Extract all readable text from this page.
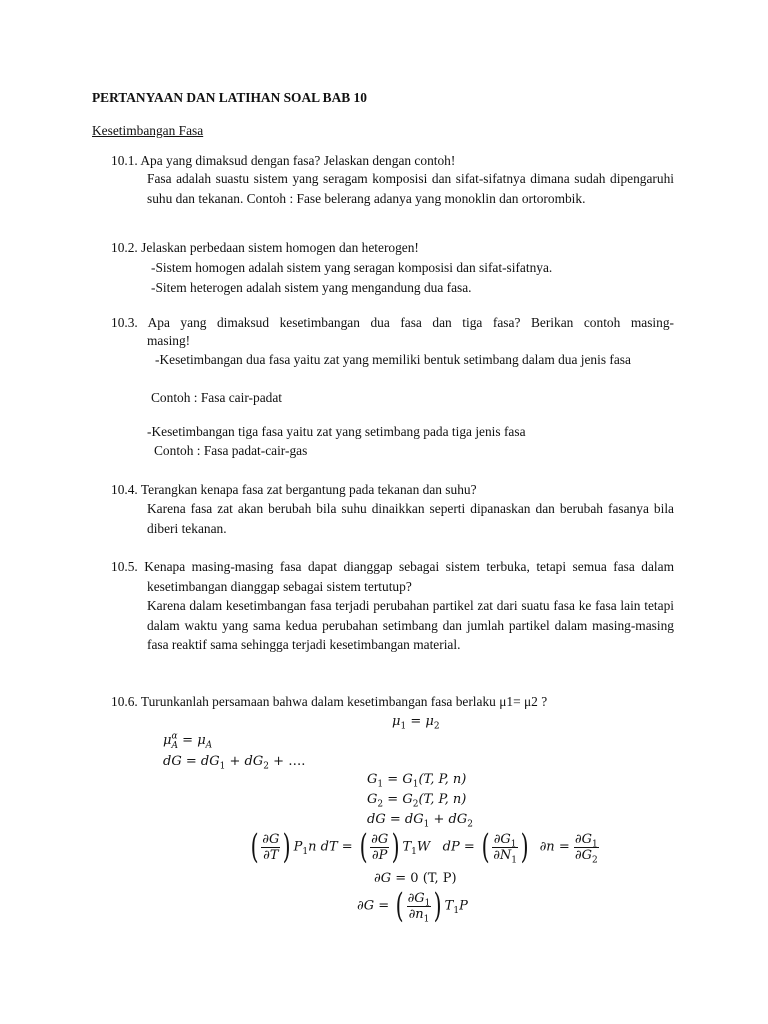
PERTANYAAN DAN LATIHAN SOAL BAB 10
Kesetimbangan Fasa
10.1. Apa yang dimaksud dengan fasa? Jelaskan dengan contoh!
Fasa adalah suastu sistem yang seragam komposisi dan sifat-sifatnya dimana sudah dipengaruhi suhu dan tekanan. Contoh : Fase belerang adanya yang monoklin dan ortorombik.
10.2. Jelaskan perbedaan sistem homogen dan heterogen!
-Sistem homogen adalah sistem yang seragan komposisi dan sifat-sifatnya.
-Sitem heterogen adalah sistem yang mengandung dua fasa.
10.3. Apa yang dimaksud kesetimbangan dua fasa dan tiga fasa? Berikan contoh masing-
masing!
-Kesetimbangan dua fasa yaitu zat yang memiliki bentuk setimbang dalam dua jenis fasa
Contoh : Fasa cair-padat
-Kesetimbangan tiga fasa yaitu zat yang setimbang pada tiga jenis fasa
Contoh : Fasa padat-cair-gas
10.4. Terangkan kenapa fasa zat bergantung pada tekanan dan suhu?
Karena fasa zat akan berubah bila suhu dinaikkan seperti dipanaskan dan berubah fasanya bila diberi tekanan.
10.5. Kenapa masing-masing fasa dapat dianggap sebagai sistem terbuka, tetapi semua fasa dalam kesetimbangan dianggap sebagai sistem tertutup?
Karena dalam kesetimbangan fasa terjadi perubahan partikel zat dari suatu fasa ke fasa lain tetapi dalam waktu yang sama kedua perubahan setimbang dan jumlah partikel dalam masing-masing fasa reaktif sama sehingga terjadi kesetimbangan material.
10.6. Turunkanlah persamaan bahwa dalam kesetimbangan fasa berlaku μ1= μ2 ?
$\mu_1 = \mu_2$
$\mu^\alpha_A = \mu_A$
dG = $dG_1 + dG_2$ + ….
$G_1 = G_1(T$, P, n)
$G_2 = G_2(T$, P, n)
dG = $dG_1 + dG_2$
( $\frac{\partial G}{\partial T}$ ) $P_1n$ dT = ( $\frac{\partial G}{\partial P}$ ) $T_1W$ dP = ( $\frac{\partial G_1}{\partial N_1}$ ) $\partial n = \frac{\partial G_1}{\partial G_2}$
∂G = 0 (T, P)
∂G = ( $\frac{\partial G_1}{\partial n_1}$ ) $T_1P$
